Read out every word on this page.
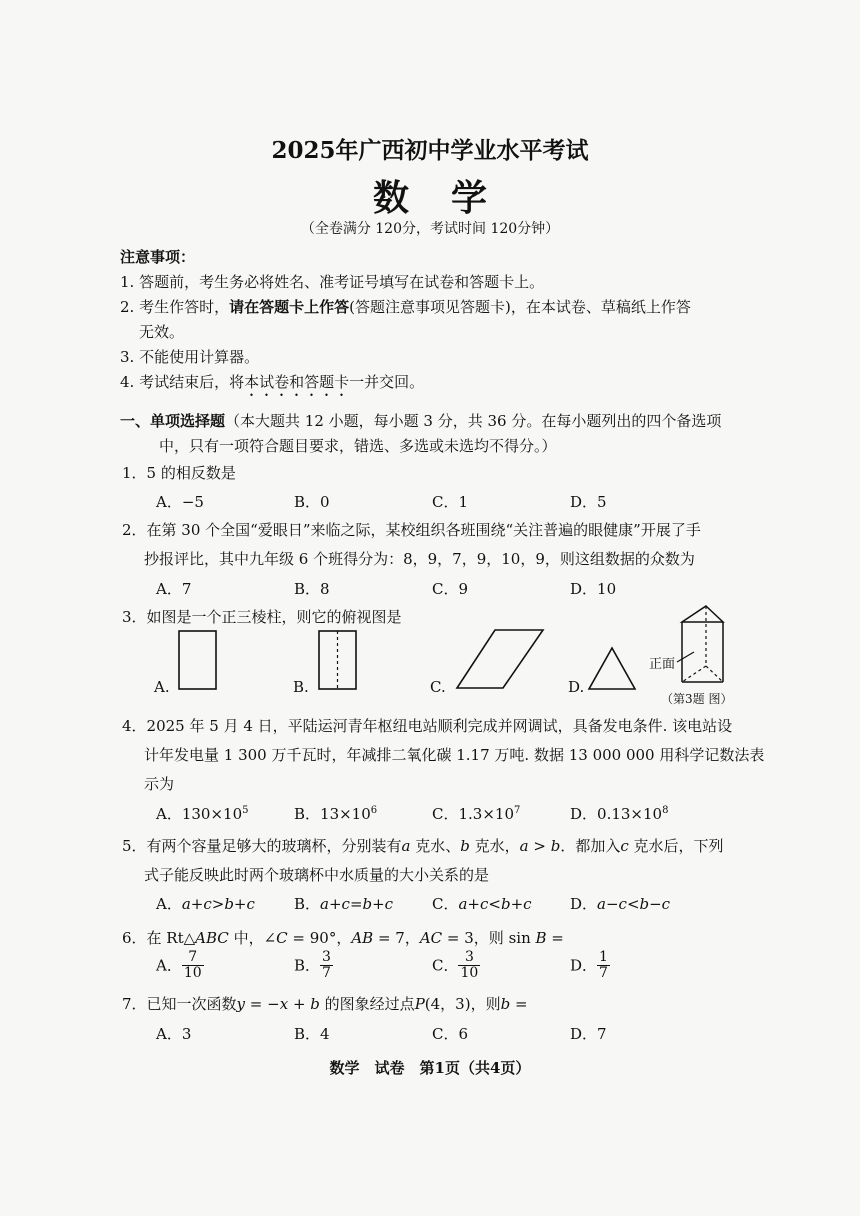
2025年广西初中学业水平考试
数学
（全卷满分 120分，考试时间 120分钟）
注意事项：
1. 答题前，考生务必将姓名、准考证号填写在试卷和答题卡上。
2. 考生作答时，请在答题卡上作答(答题注意事项见答题卡)，在本试卷、草稿纸上作答
无效。
3. 不能使用计算器。
4. 考试结束后，将本试卷和答题卡一并交回。
一、单项选择题（本大题共 12 小题，每小题 3 分，共 36 分。在每小题列出的四个备选项
中，只有一项符合题目要求，错选、多选或未选均不得分。）
1．5 的相反数是
A．−5	B．0	C．1	D．5
2．在第 30 个全国“爱眼日”来临之际，某校组织各班围绕“关注普遍的眼健康”开展了手
抄报评比，其中九年级 6 个班得分为：8，9，7，9，10，9，则这组数据的众数为
A．7	B．8	C．9	D．10
3．如图是一个正三棱柱，则它的俯视图是
A.	B.	C.	D.
正面
（第3题 图）
4．2025 年 5 月 4 日，平陆运河青年枢纽电站顺利完成并网调试，具备发电条件. 该电站设
计年发电量 1 300 万千瓦时，年减排二氧化碳 1.17 万吨. 数据 13 000 000 用科学记数法表
示为
A．$130\times 10^5$	B．$13\times 10^6$	C．$1.3\times 10^7$	D．$0.13\times 10^8$
5．有两个容量足够大的玻璃杯，分别装有a 克水、b 克水，a > b．都加入c 克水后，下列
式子能反映此时两个玻璃杯中水质量的大小关系的是
A．a+c>b+c	B．a+c=b+c	C．a+c<b+c	D．a−c<b−c
6．在 Rt△ABC 中，∠C = 90°，AB = 7，AC = 3，则 sin B =
A． $\frac{7}{10}$	B． $\frac{3}{7}$	C． $\frac{3}{10}$	D． $\frac{1}{7}$
7．已知一次函数y = −x + b 的图象经过点P(4，3)，则b =
A．3	B．4	C．6	D．7
数学　试卷　第1页（共4页）
